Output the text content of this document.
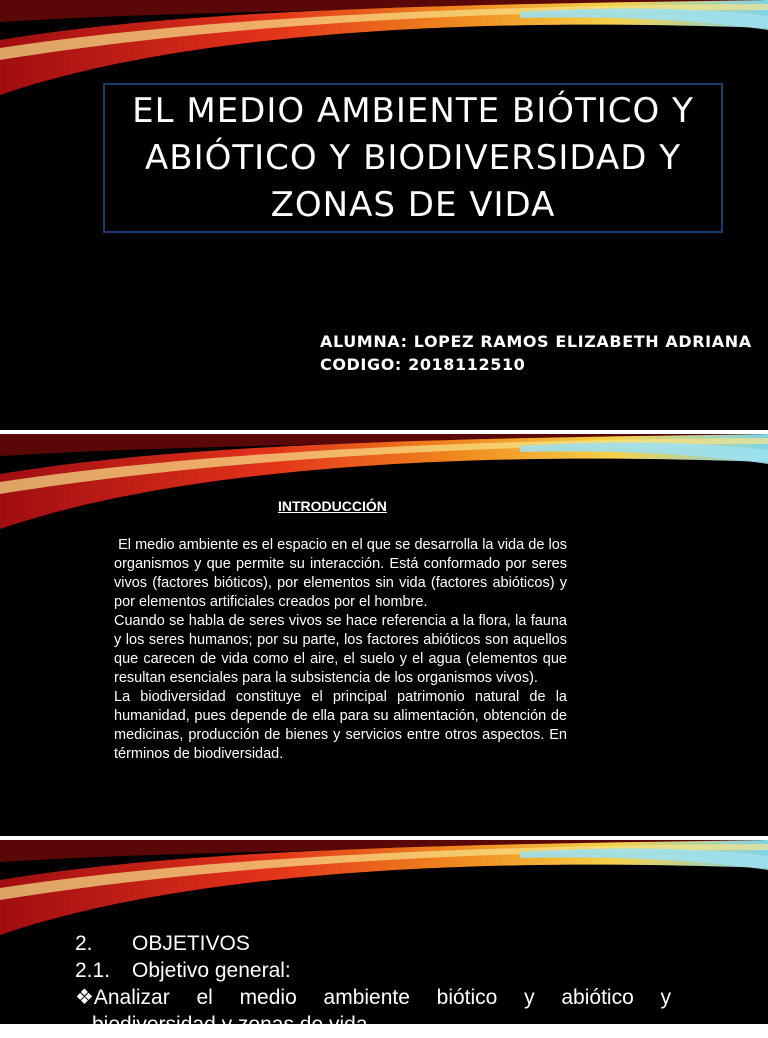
EL MEDIO AMBIENTE BIÓTICO Y
ABIÓTICO Y BIODIVERSIDAD Y
ZONAS DE VIDA
ALUMNA: LOPEZ RAMOS ELIZABETH ADRIANA
CODIGO: 2018112510
INTRODUCCIÓN

El medio ambiente es el espacio en el que se desarrolla la vida de los organismos y que permite su interacción. Está conformado por seres vivos (factores bióticos), por elementos sin vida (factores abióticos) y por elementos artificiales creados por el hombre.

Cuando se habla de seres vivos se hace referencia a la flora, la fauna y los seres humanos; por su parte, los factores abióticos son aquellos que carecen de vida como el aire, el suelo y el agua (elementos que resultan esenciales para la subsistencia de los organismos vivos).

La biodiversidad constituye el principal patrimonio natural de la humanidad, pues depende de ella para su alimentación, obtención de medicinas, producción de bienes y servicios entre otros aspectos. En términos de biodiversidad.

2. OBJETIVOS
2.1. Objetivo general:
❖Analizar el medio ambiente biótico y abiótico y
biodiversidad y zonas de vida
